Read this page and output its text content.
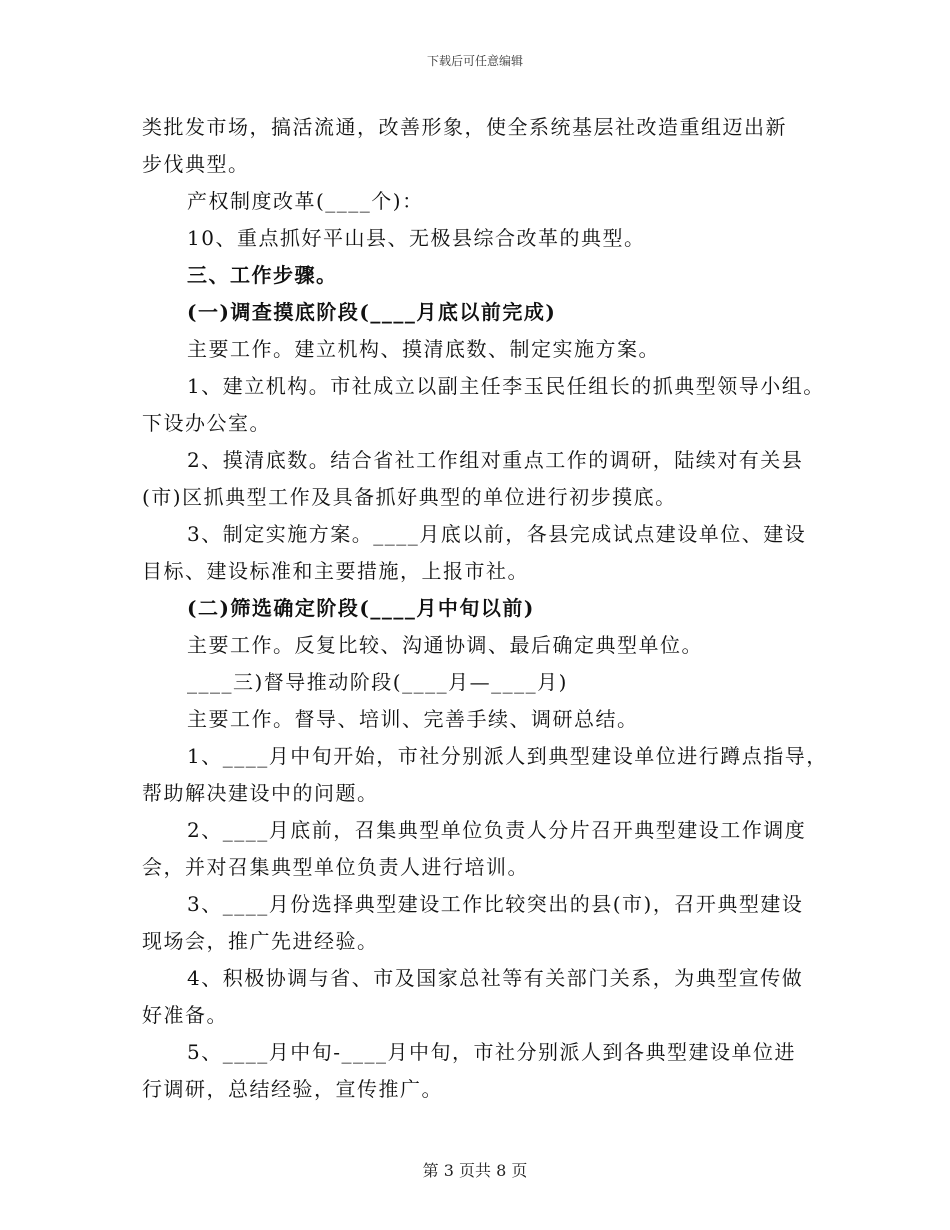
下载后可任意编辑
类批发市场，搞活流通，改善形象，使全系统基层社改造重组迈出新
步伐典型。
产权制度改革(____个)：
10、重点抓好平山县、无极县综合改革的典型。
三、工作步骤。
(一)调查摸底阶段(____月底以前完成)
主要工作。建立机构、摸清底数、制定实施方案。
1、建立机构。市社成立以副主任李玉民任组长的抓典型领导小组。
下设办公室。
2、摸清底数。结合省社工作组对重点工作的调研，陆续对有关县
(市)区抓典型工作及具备抓好典型的单位进行初步摸底。
3、制定实施方案。____月底以前，各县完成试点建设单位、建设
目标、建设标准和主要措施，上报市社。
(二)筛选确定阶段(____月中旬以前)
主要工作。反复比较、沟通协调、最后确定典型单位。
____三)督导推动阶段(____月—____月)
主要工作。督导、培训、完善手续、调研总结。
1、____月中旬开始，市社分别派人到典型建设单位进行蹲点指导，
帮助解决建设中的问题。
2、____月底前，召集典型单位负责人分片召开典型建设工作调度
会，并对召集典型单位负责人进行培训。
3、____月份选择典型建设工作比较突出的县(市)，召开典型建设
现场会，推广先进经验。
4、积极协调与省、市及国家总社等有关部门关系，为典型宣传做
好准备。
5、____月中旬-____月中旬，市社分别派人到各典型建设单位进
行调研，总结经验，宣传推广。
第 3 页共 8 页
